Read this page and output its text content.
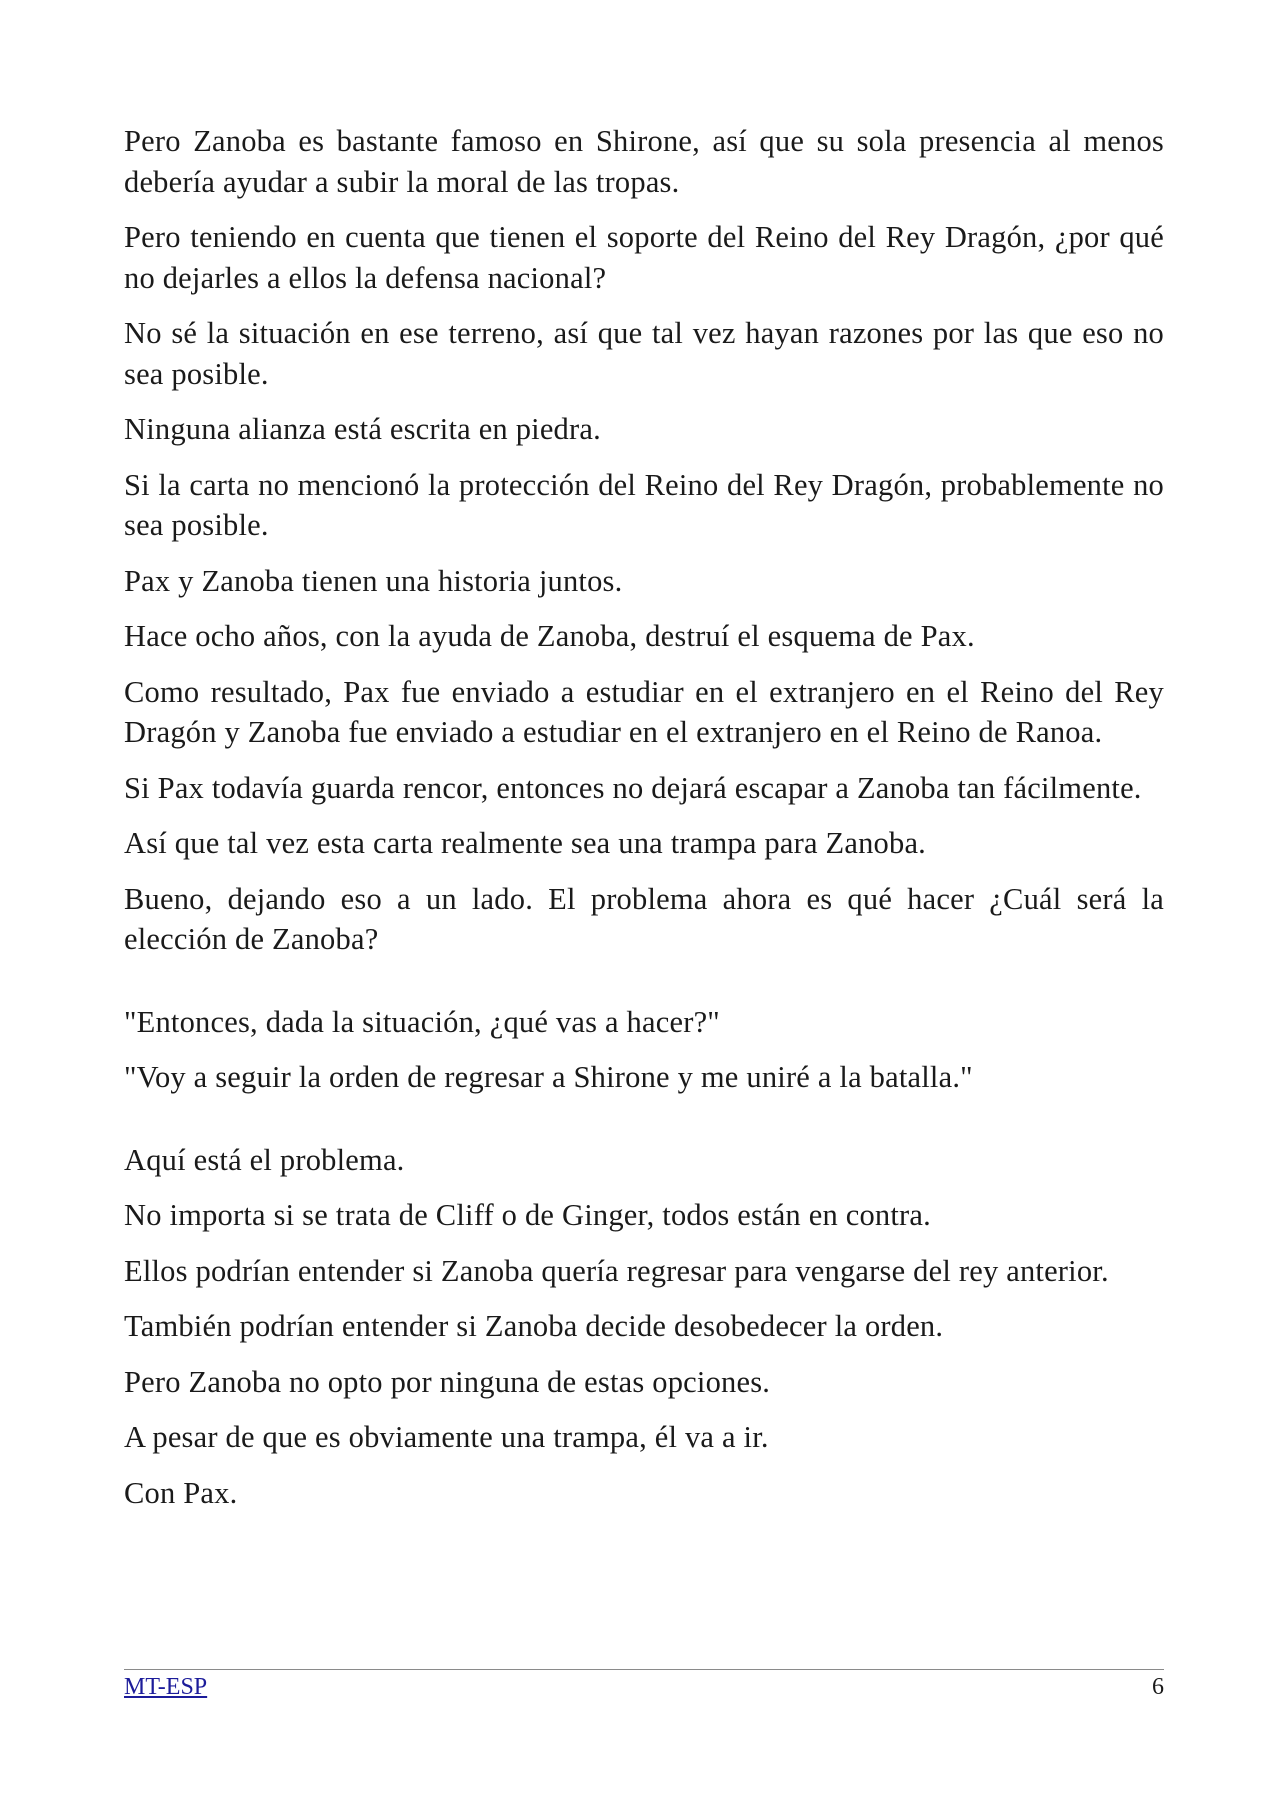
Pero Zanoba es bastante famoso en Shirone, así que su sola presencia al menos debería ayudar a subir la moral de las tropas.

Pero teniendo en cuenta que tienen el soporte del Reino del Rey Dragón, ¿por qué no dejarles a ellos la defensa nacional?

No sé la situación en ese terreno, así que tal vez hayan razones por las que eso no sea posible.

Ninguna alianza está escrita en piedra.

Si la carta no mencionó la protección del Reino del Rey Dragón, probablemente no sea posible.

Pax y Zanoba tienen una historia juntos.

Hace ocho años, con la ayuda de Zanoba, destruí el esquema de Pax.

Como resultado, Pax fue enviado a estudiar en el extranjero en el Reino del Rey Dragón y Zanoba fue enviado a estudiar en el extranjero en el Reino de Ranoa.

Si Pax todavía guarda rencor, entonces no dejará escapar a Zanoba tan fácilmente.

Así que tal vez esta carta realmente sea una trampa para Zanoba.

Bueno, dejando eso a un lado. El problema ahora es qué hacer ¿Cuál será la elección de Zanoba?

"Entonces, dada la situación, ¿qué vas a hacer?"

"Voy a seguir la orden de regresar a Shirone y me uniré a la batalla."

Aquí está el problema.

No importa si se trata de Cliff o de Ginger, todos están en contra.

Ellos podrían entender si Zanoba quería regresar para vengarse del rey anterior.

También podrían entender si Zanoba decide desobedecer la orden.

Pero Zanoba no opto por ninguna de estas opciones.

A pesar de que es obviamente una trampa, él va a ir.

Con Pax.

MT-ESP	6
